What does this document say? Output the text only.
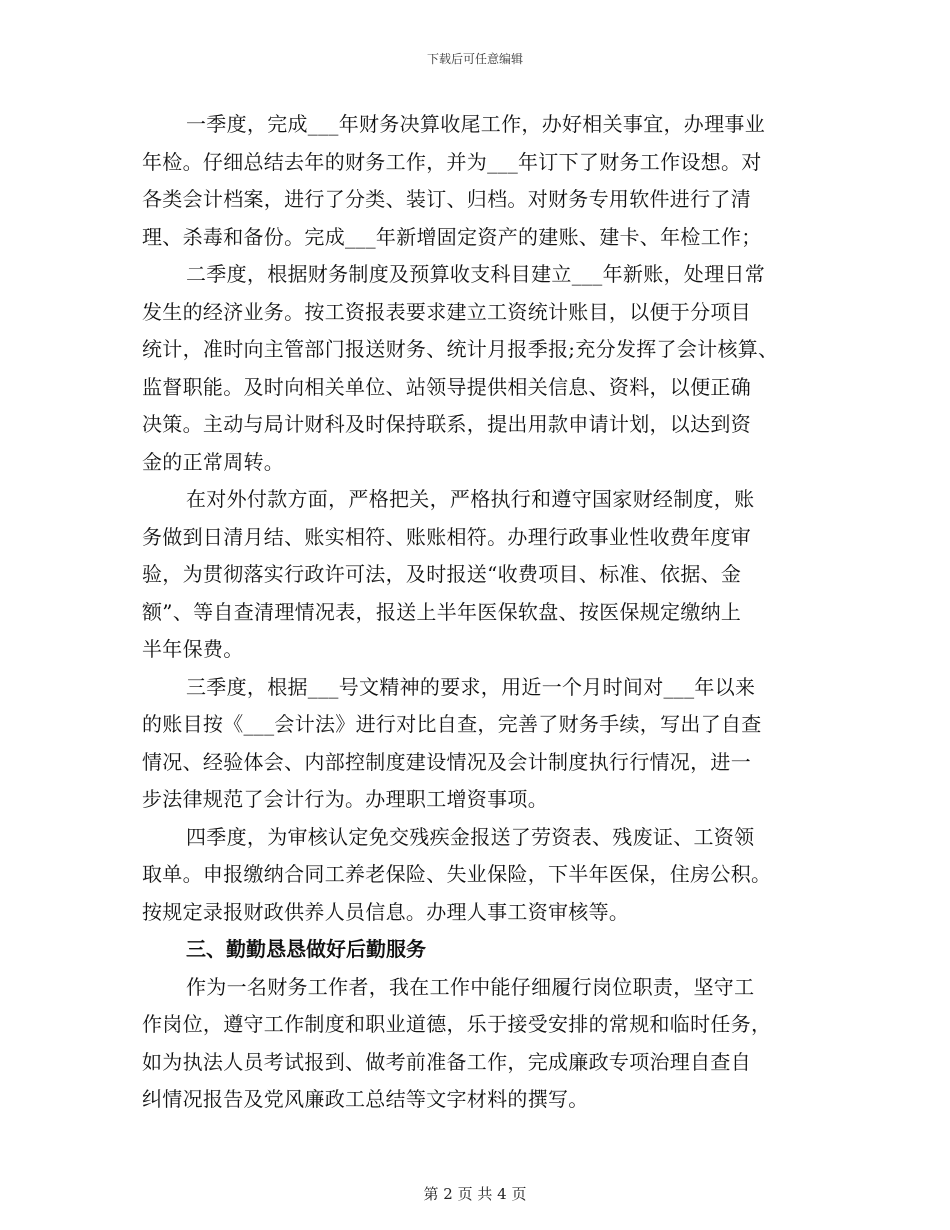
下载后可任意编辑

一季度，完成___年财务决算收尾工作，办好相关事宜，办理事业
年检。仔细总结去年的财务工作，并为___年订下了财务工作设想。对
各类会计档案，进行了分类、装订、归档。对财务专用软件进行了清
理、杀毒和备份。完成___年新增固定资产的建账、建卡、年检工作；

二季度，根据财务制度及预算收支科目建立___年新账，处理日常
发生的经济业务。按工资报表要求建立工资统计账目，以便于分项目
统计，准时向主管部门报送财务、统计月报季报;充分发挥了会计核算、
监督职能。及时向相关单位、站领导提供相关信息、资料，以便正确
决策。主动与局计财科及时保持联系，提出用款申请计划，以达到资
金的正常周转。

在对外付款方面，严格把关，严格执行和遵守国家财经制度，账
务做到日清月结、账实相符、账账相符。办理行政事业性收费年度审
验，为贯彻落实行政许可法，及时报送“收费项目、标准、依据、金
额”、等自查清理情况表，报送上半年医保软盘、按医保规定缴纳上
半年保费。

三季度，根据___号文精神的要求，用近一个月时间对___年以来
的账目按《___会计法》进行对比自查，完善了财务手续，写出了自查
情况、经验体会、内部控制度建设情况及会计制度执行行情况，进一
步法律规范了会计行为。办理职工增资事项。

四季度，为审核认定免交残疾金报送了劳资表、残废证、工资领
取单。申报缴纳合同工养老保险、失业保险，下半年医保，住房公积。
按规定录报财政供养人员信息。办理人事工资审核等。

三、勤勤恳恳做好后勤服务

作为一名财务工作者，我在工作中能仔细履行岗位职责，坚守工
作岗位，遵守工作制度和职业道德，乐于接受安排的常规和临时任务，
如为执法人员考试报到、做考前准备工作，完成廉政专项治理自查自
纠情况报告及党风廉政工总结等文字材料的撰写。

第 2 页 共 4 页
